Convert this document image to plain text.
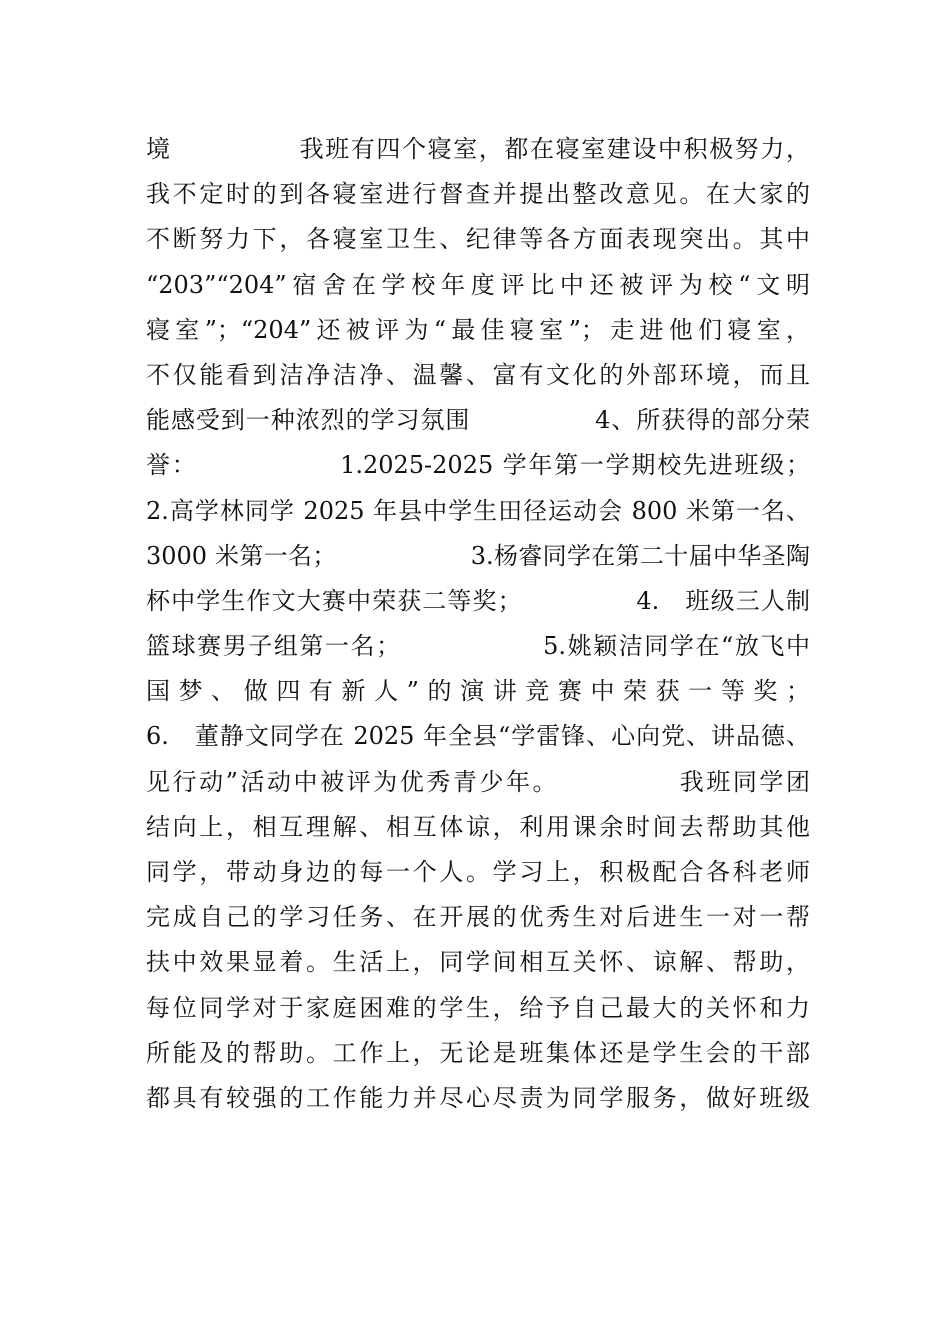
境　　　　　我班有四个寝室，都在寝室建设中积极努力，
我不定时的到各寝室进行督查并提出整改意见。在大家的
不断努力下，各寝室卫生、纪律等各方面表现突出。其中
“203”“204”宿舍在学校年度评比中还被评为校“文明
寝室”；“204”还被评为“最佳寝室”；走进他们寝室，
不仅能看到洁净洁净、温馨、富有文化的外部环境，而且
能感受到一种浓烈的学习氛围　　　　　4、所获得的部分荣
誉：　　　　　　1.2025-2025 学年第一学期校先进班级；
2.高学林同学 2025 年县中学生田径运动会 800 米第一名、
3000 米第一名；　　　　　　3.杨睿同学在第二十届中华圣陶
杯中学生作文大赛中荣获二等奖；　　　　　4.　班级三人制
篮球赛男子组第一名；　　　　　　5.姚颖洁同学在“放飞中
国梦、做四有新人”的演讲竞赛中荣获一等奖；
6.　董静文同学在 2025 年全县“学雷锋、心向党、讲品德、
见行动”活动中被评为优秀青少年。　　　　　我班同学团
结向上，相互理解、相互体谅，利用课余时间去帮助其他
同学，带动身边的每一个人。学习上，积极配合各科老师
完成自己的学习任务、在开展的优秀生对后进生一对一帮
扶中效果显着。生活上，同学间相互关怀、谅解、帮助，
每位同学对于家庭困难的学生，给予自己最大的关怀和力
所能及的帮助。工作上，无论是班集体还是学生会的干部
都具有较强的工作能力并尽心尽责为同学服务，做好班级
